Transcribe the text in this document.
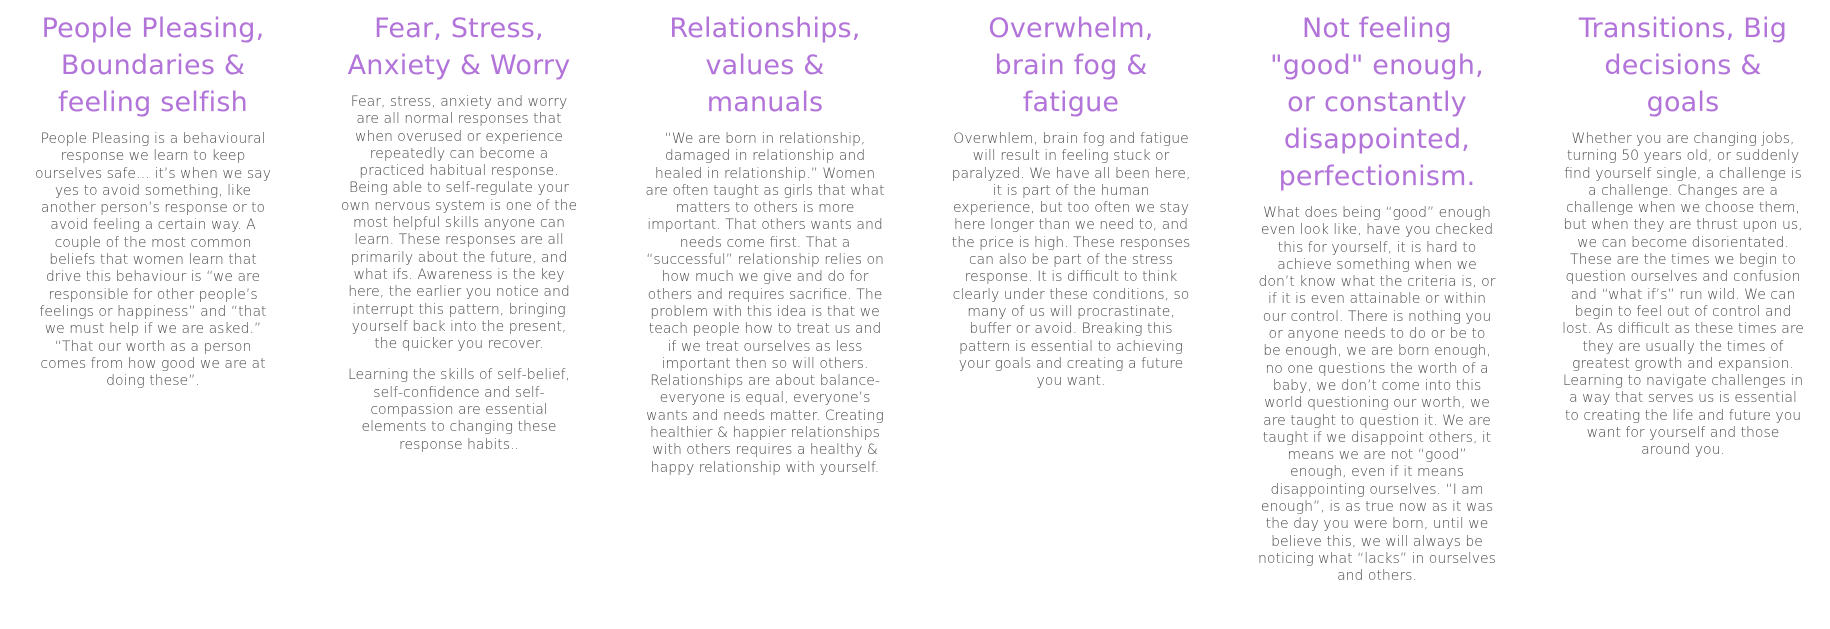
People Pleasing,
Boundaries &
feeling selfish

People Pleasing is a behavioural response we learn to keep ourselves safe… it’s when we say yes to avoid something, like another person’s response or to avoid feeling a certain way. A couple of the most common beliefs that women learn that drive this behaviour is “we are responsible for other people’s feelings or happiness” and “that we must help if we are asked.” “That our worth as a person comes from how good we are at doing these”.

Fear, Stress,
Anxiety & Worry

Fear, stress, anxiety and worry are all normal responses that when overused or experience repeatedly can become a practiced habitual response. Being able to self-regulate your own nervous system is one of the most helpful skills anyone can learn. These responses are all primarily about the future, and what ifs. Awareness is the key here, the earlier you notice and interrupt this pattern, bringing yourself back into the present, the quicker you recover.

Learning the skills of self-belief, self-confidence and self-compassion are essential elements to changing these response habits..

Relationships,
values &
manuals

“We are born in relationship, damaged in relationship and healed in relationship.” Women are often taught as girls that what matters to others is more important. That others wants and needs come first. That a “successful” relationship relies on how much we give and do for others and requires sacrifice. The problem with this idea is that we teach people how to treat us and if we treat ourselves as less important then so will others. Relationships are about balance- everyone is equal, everyone’s wants and needs matter. Creating healthier & happier relationships with others requires a healthy & happy relationship with yourself.

Overwhelm,
brain fog &
fatigue

Overwhlem, brain fog and fatigue will result in feeling stuck or paralyzed. We have all been here, it is part of the human experience, but too often we stay here longer than we need to, and the price is high. These responses can also be part of the stress response. It is difficult to think clearly under these conditions, so many of us will procrastinate, buffer or avoid. Breaking this pattern is essential to achieving your goals and creating a future you want.

Not feeling
"good" enough,
or constantly
disappointed,
perfectionism.

What does being “good” enough even look like, have you checked this for yourself, it is hard to achieve something when we don’t know what the criteria is, or if it is even attainable or within our control. There is nothing you or anyone needs to do or be to be enough, we are born enough, no one questions the worth of a baby, we don’t come into this world questioning our worth, we are taught to question it. We are taught if we disappoint others, it means we are not “good” enough, even if it means disappointing ourselves. “I am enough”, is as true now as it was the day you were born, until we believe this, we will always be noticing what “lacks” in ourselves and others.

Transitions, Big
decisions &
goals

Whether you are changing jobs, turning 50 years old, or suddenly find yourself single, a challenge is a challenge. Changes are a challenge when we choose them, but when they are thrust upon us, we can become disorientated. These are the times we begin to question ourselves and confusion and “what if’s” run wild. We can begin to feel out of control and lost. As difficult as these times are they are usually the times of greatest growth and expansion. Learning to navigate challenges in a way that serves us is essential to creating the life and future you want for yourself and those around you.
